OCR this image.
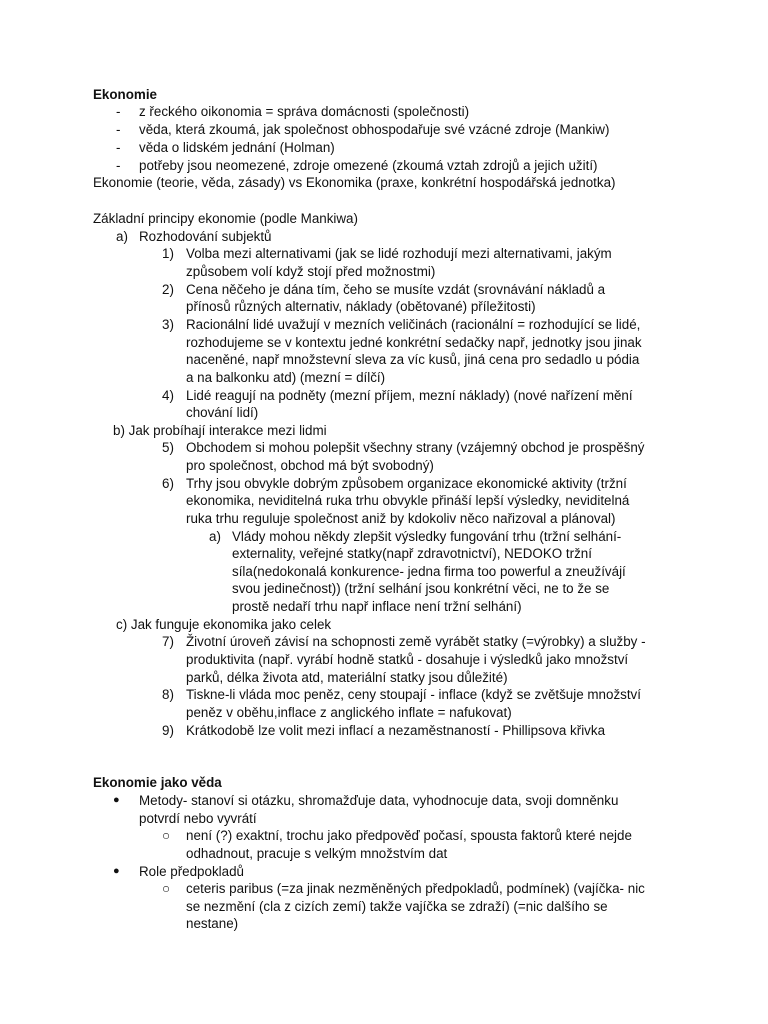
Ekonomie
- z řeckého oikonomia = správa domácnosti (společnosti)
- věda, která zkoumá, jak společnost obhospodařuje své vzácné zdroje (Mankiw)
- věda o lidském jednání (Holman)
- potřeby jsou neomezené, zdroje omezené (zkoumá vztah zdrojů a jejich užití)
Ekonomie (teorie, věda, zásady) vs Ekonomika (praxe, konkrétní hospodářská jednotka)
Základní principy ekonomie (podle Mankiwa)
a) Rozhodování subjektů
1) Volba mezi alternativami (jak se lidé rozhodují mezi alternativami, jakým
způsobem volí když stojí před možnostmi)
2) Cena něčeho je dána tím, čeho se musíte vzdát (srovnávání nákladů a
přínosů různých alternativ, náklady (obětované) příležitosti)
3) Racionální lidé uvažují v mezních veličinách (racionální = rozhodující se lidé,
rozhodujeme se v kontextu jedné konkrétní sedačky např, jednotky jsou jinak
naceněné, např množstevní sleva za víc kusů, jiná cena pro sedadlo u pódia
a na balkonku atd) (mezní = dílčí)
4) Lidé reagují na podněty (mezní příjem, mezní náklady) (nové nařízení mění
chování lidí)
b) Jak probíhají interakce mezi lidmi
5) Obchodem si mohou polepšit všechny strany (vzájemný obchod je prospěšný
pro společnost, obchod má být svobodný)
6) Trhy jsou obvykle dobrým způsobem organizace ekonomické aktivity (tržní
ekonomika, neviditelná ruka trhu obvykle přináší lepší výsledky, neviditelná
ruka trhu reguluje společnost aniž by kdokoliv něco nařizoval a plánoval)
a) Vlády mohou někdy zlepšit výsledky fungování trhu (tržní selhání-
externality, veřejné statky(např zdravotnictví), NEDOKO tržní
síla(nedokonalá konkurence- jedna firma too powerful a zneužívájí
svou jedinečnost)) (tržní selhání jsou konkrétní věci, ne to že se
prostě nedaří trhu např inflace není tržní selhání)
c) Jak funguje ekonomika jako celek
7) Životní úroveň závisí na schopnosti země vyrábět statky (=výrobky) a služby -
produktivita (např. vyrábí hodně statků - dosahuje i výsledků jako množství
parků, délka života atd, materiální statky jsou důležité)
8) Tiskne-li vláda moc peněz, ceny stoupají - inflace (když se zvětšuje množství
peněz v oběhu,inflace z anglického inflate = nafukovat)
9) Krátkodobě lze volit mezi inflací a nezaměstnaností - Phillipsova křivka
Ekonomie jako věda
● Metody- stanoví si otázku, shromažďuje data, vyhodnocuje data, svoji domněnku
potvrdí nebo vyvrátí
○ není (?) exaktní, trochu jako předpověď počasí, spousta faktorů které nejde
odhadnout, pracuje s velkým množstvím dat
● Role předpokladů
○ ceteris paribus (=za jinak nezměněných předpokladů, podmínek) (vajíčka- nic
se nezmění (cla z cizích zemí) takže vajíčka se zdraží) (=nic dalšího se
nestane)
